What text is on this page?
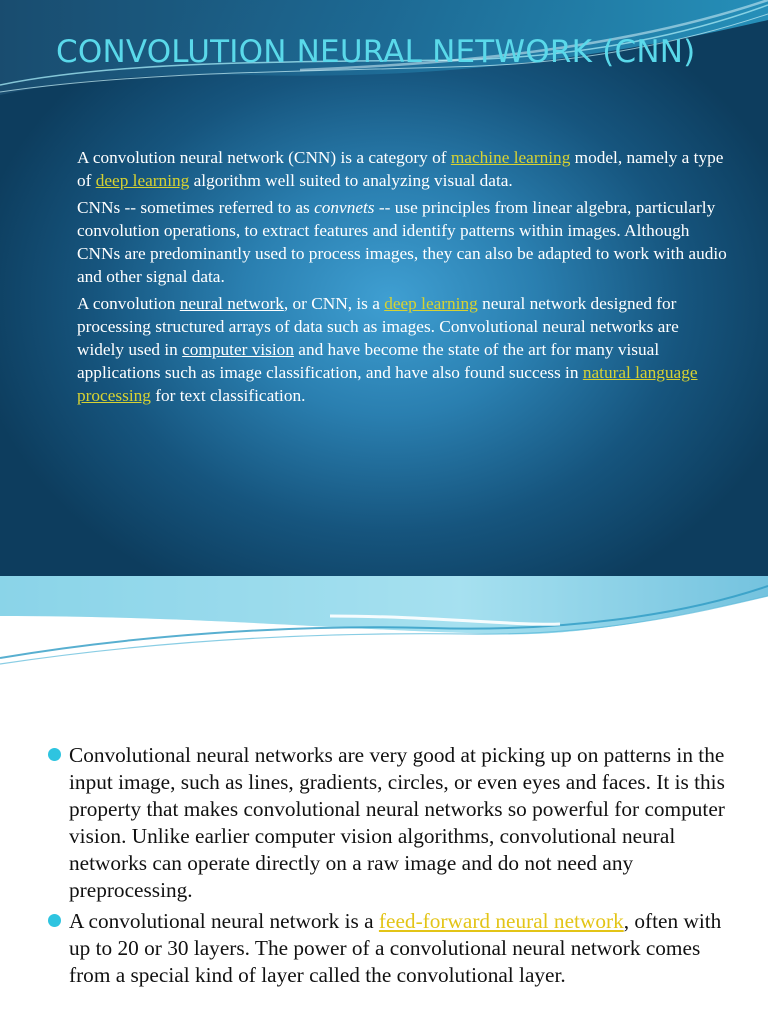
CONVOLUTION NEURAL NETWORK (CNN)

A convolution neural network (CNN) is a category of machine learning model, namely a type of deep learning algorithm well suited to analyzing visual data.

CNNs -- sometimes referred to as convnets -- use principles from linear algebra, particularly convolution operations, to extract features and identify patterns within images. Although CNNs are predominantly used to process images, they can also be adapted to work with audio and other signal data.

A convolution neural network, or CNN, is a deep learning neural network designed for processing structured arrays of data such as images. Convolutional neural networks are widely used in computer vision and have become the state of the art for many visual applications such as image classification, and have also found success in natural language processing for text classification.

Convolutional neural networks are very good at picking up on patterns in the input image, such as lines, gradients, circles, or even eyes and faces. It is this property that makes convolutional neural networks so powerful for computer vision. Unlike earlier computer vision algorithms, convolutional neural networks can operate directly on a raw image and do not need any preprocessing.
A convolutional neural network is a feed-forward neural network, often with up to 20 or 30 layers. The power of a convolutional neural network comes from a special kind of layer called the convolutional layer.
